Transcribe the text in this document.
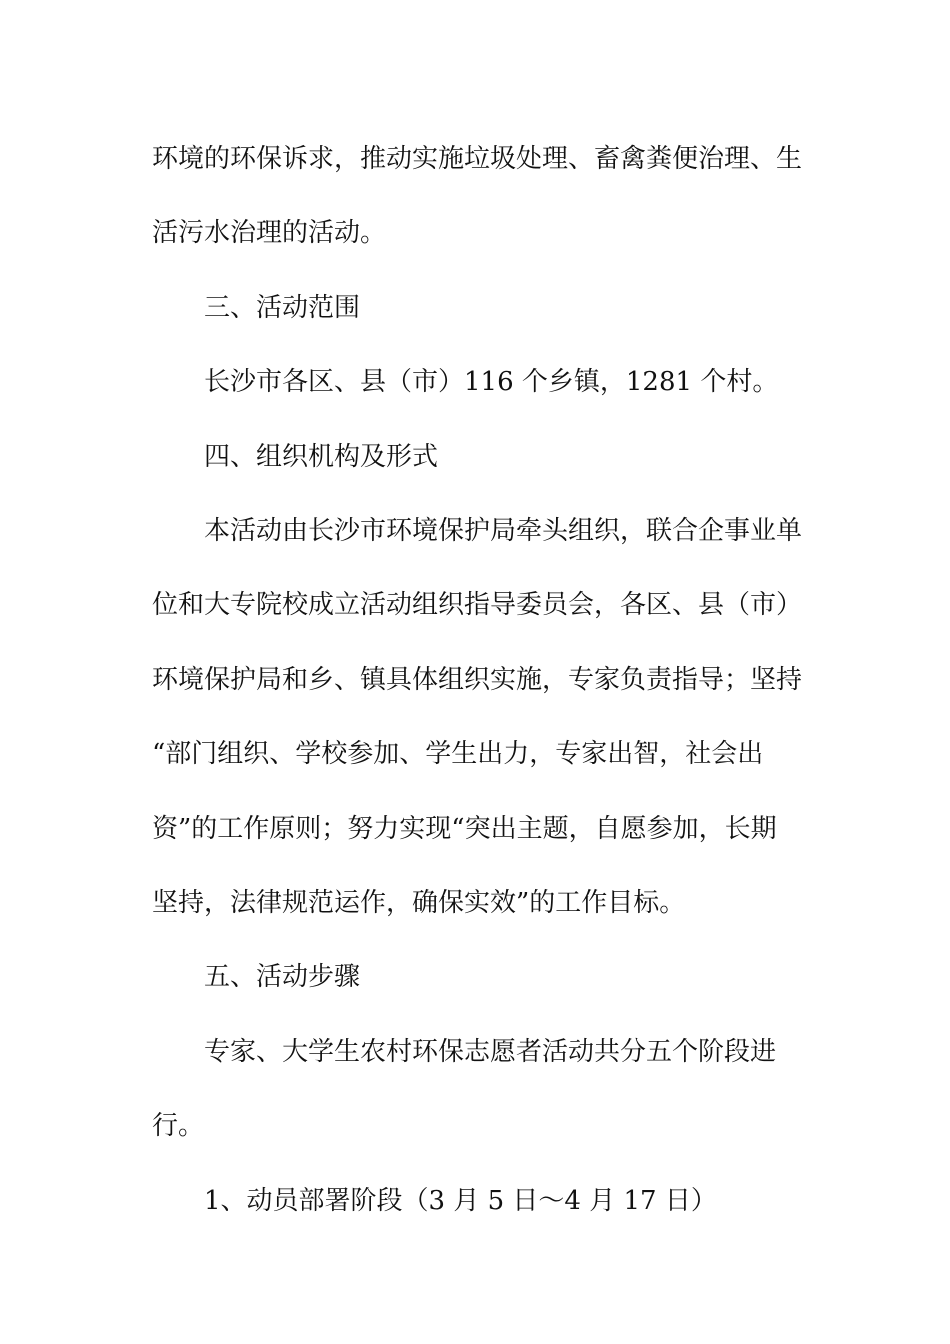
环境的环保诉求，推动实施垃圾处理、畜禽粪便治理、生
活污水治理的活动。
三、活动范围
长沙市各区、县（市）116 个乡镇，1281 个村。
四、组织机构及形式
本活动由长沙市环境保护局牵头组织，联合企事业单
位和大专院校成立活动组织指导委员会，各区、县（市）
环境保护局和乡、镇具体组织实施，专家负责指导；坚持
“部门组织、学校参加、学生出力，专家出智，社会出
资”的工作原则；努力实现“突出主题，自愿参加，长期
坚持，法律规范运作，确保实效”的工作目标。
五、活动步骤
专家、大学生农村环保志愿者活动共分五个阶段进
行。
1、动员部署阶段（3 月 5 日～4 月 17 日）
